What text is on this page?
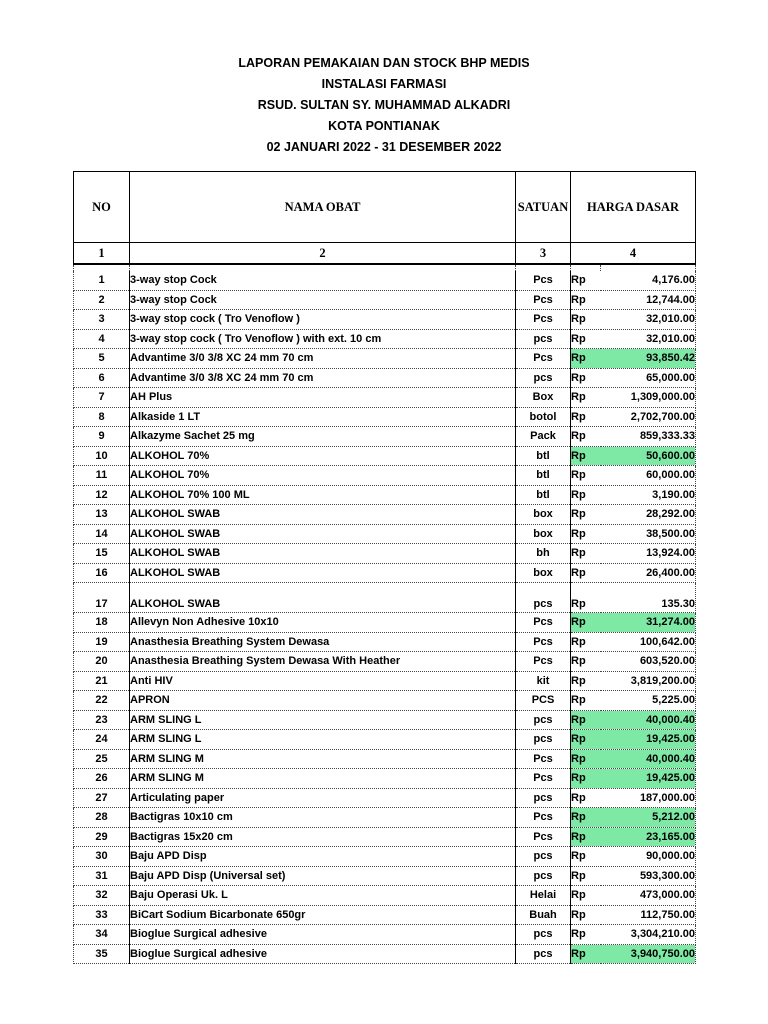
LAPORAN PEMAKAIAN DAN STOCK BHP MEDIS
INSTALASI FARMASI
RSUD. SULTAN SY. MUHAMMAD ALKADRI
KOTA PONTIANAK
02 JANUARI 2022 - 31 DESEMBER 2022
NO	NAMA OBAT	SATUAN	HARGA DASAR	
1	2	3	4	

1	3-way stop Cock	Pcs	Rp	4,176.00
2	3-way stop Cock	Pcs	Rp	12,744.00
3	3-way stop cock ( Tro Venoflow )	Pcs	Rp	32,010.00
4	3-way stop cock ( Tro Venoflow ) with ext. 10 cm	pcs	Rp	32,010.00
5	Advantime 3/0 3/8 XC 24 mm 70 cm	Pcs	Rp	93,850.42
6	Advantime 3/0 3/8 XC 24 mm 70 cm	pcs	Rp	65,000.00
7	AH Plus	Box	Rp	1,309,000.00
8	Alkaside 1 LT	botol	Rp	2,702,700.00
9	Alkazyme Sachet 25 mg	Pack	Rp	859,333.33
10	ALKOHOL 70%	btl	Rp	50,600.00
11	ALKOHOL 70%	btl	Rp	60,000.00
12	ALKOHOL 70% 100 ML	btl	Rp	3,190.00
13	ALKOHOL SWAB	box	Rp	28,292.00
14	ALKOHOL SWAB	box	Rp	38,500.00
15	ALKOHOL SWAB	bh	Rp	13,924.00
16	ALKOHOL SWAB	box	Rp	26,400.00
17	ALKOHOL SWAB	pcs	Rp	135.30
18	Allevyn Non Adhesive 10x10	Pcs	Rp	31,274.00
19	Anasthesia Breathing System Dewasa	Pcs	Rp	100,642.00
20	Anasthesia Breathing System Dewasa With Heather	Pcs	Rp	603,520.00
21	Anti HIV	kit	Rp	3,819,200.00
22	APRON	PCS	Rp	5,225.00
23	ARM SLING L	pcs	Rp	40,000.40
24	ARM SLING L	pcs	Rp	19,425.00
25	ARM SLING M	Pcs	Rp	40,000.40
26	ARM SLING M	Pcs	Rp	19,425.00
27	Articulating paper	pcs	Rp	187,000.00
28	Bactigras 10x10 cm	Pcs	Rp	5,212.00
29	Bactigras 15x20 cm	Pcs	Rp	23,165.00
30	Baju APD Disp	pcs	Rp	90,000.00
31	Baju APD Disp (Universal set)	pcs	Rp	593,300.00
32	Baju Operasi Uk. L	Helai	Rp	473,000.00
33	BiCart Sodium Bicarbonate 650gr	Buah	Rp	112,750.00
34	Bioglue Surgical adhesive	pcs	Rp	3,304,210.00
35	Bioglue Surgical adhesive	pcs	Rp	3,940,750.00
